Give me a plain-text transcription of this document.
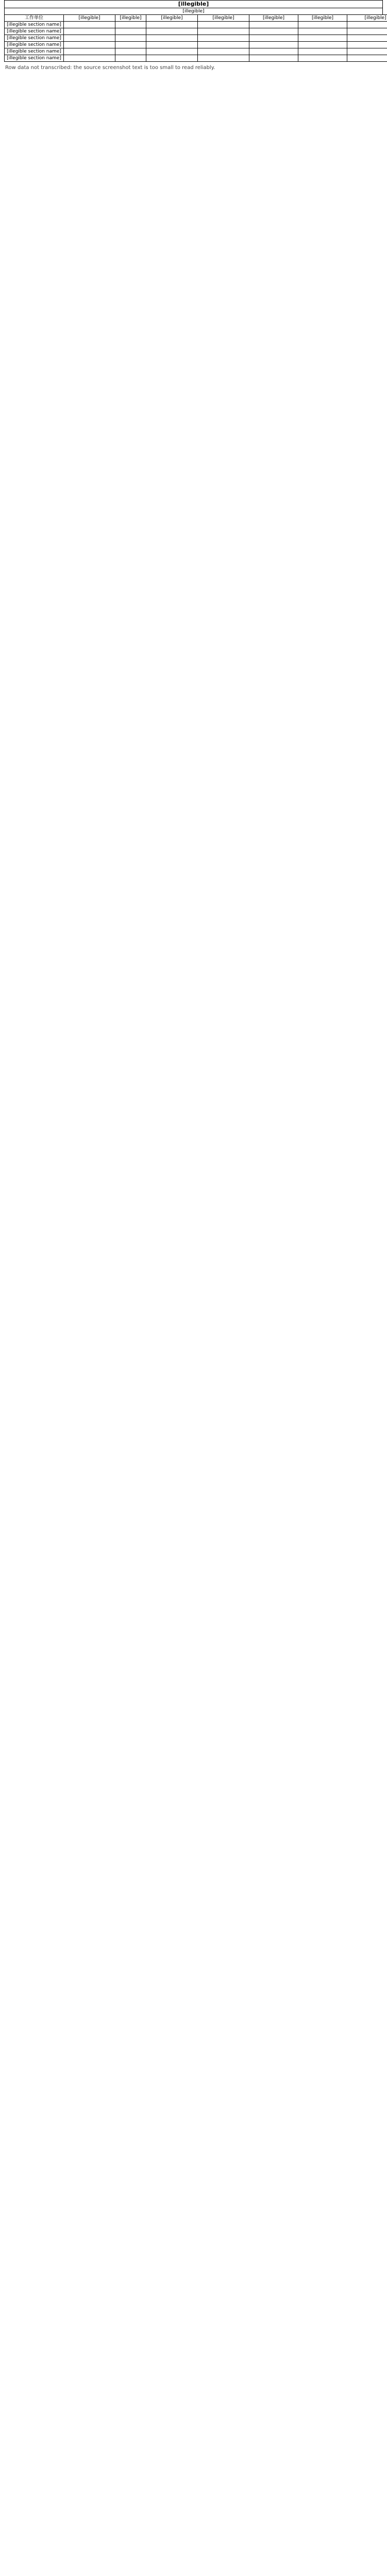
[illegible]
[illegible]
工作单位	[illegible]	[illegible]	[illegible]	[illegible]	[illegible]	[illegible]	[illegible]
[illegible section name]							
[illegible section name]							
[illegible section name]							
[illegible section name]							
[illegible section name]							
[illegible section name]							
Row data not transcribed: the source screenshot text is too small to read reliably.
